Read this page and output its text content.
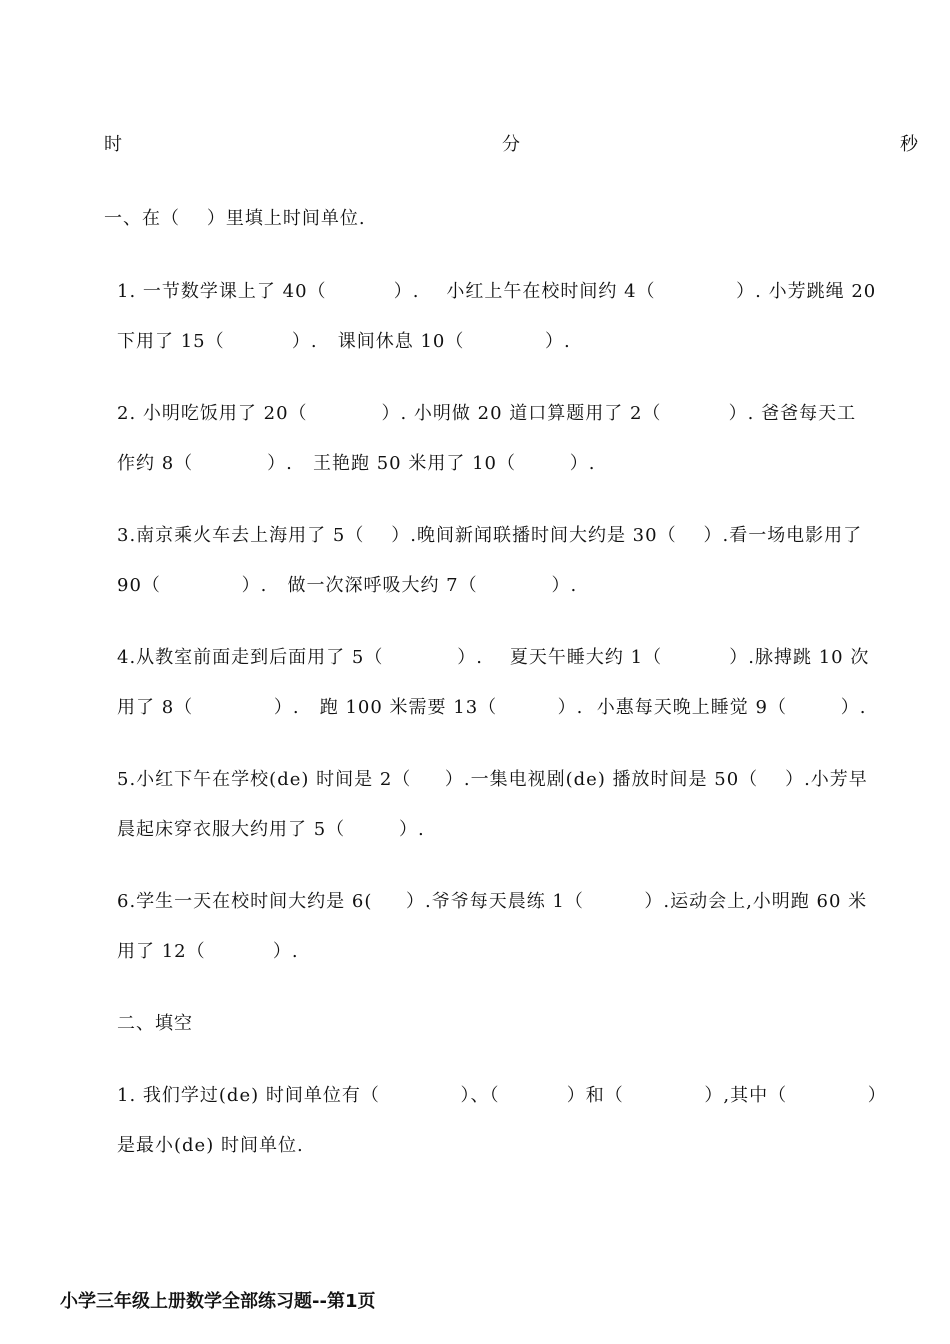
时	分	秒
一、在（    ）里填上时间单位.
1. 一节数学课上了 40（          ）.    小红上午在校时间约 4（            ）. 小芳跳绳 20
下用了 15（          ）.   课间休息 10（            ）.
2. 小明吃饭用了 20（           ）. 小明做 20 道口算题用了 2（          ）. 爸爸每天工
作约 8（           ）.   王艳跑 50 米用了 10（        ）.
3.南京乘火车去上海用了 5（    ）.晚间新闻联播时间大约是 30（    ）.看一场电影用了
90（            ）.   做一次深呼吸大约 7（           ）.
4.从教室前面走到后面用了 5（           ）.    夏天午睡大约 1（          ）.脉搏跳 10 次
用了 8（            ）.   跑 100 米需要 13（         ）.  小惠每天晚上睡觉 9（        ）.
5.小红下午在学校(de) 时间是 2（     ）.一集电视剧(de) 播放时间是 50（    ）.小芳早
晨起床穿衣服大约用了 5（        ）.
6.学生一天在校时间大约是 6(     ）.爷爷每天晨练 1（         ）.运动会上,小明跑 60 米
用了 12（          ）.
二、填空
1. 我们学过(de) 时间单位有（            ）、（          ）和（            ）,其中（            ）
是最小(de) 时间单位.
小学三年级上册数学全部练习题--第1页
